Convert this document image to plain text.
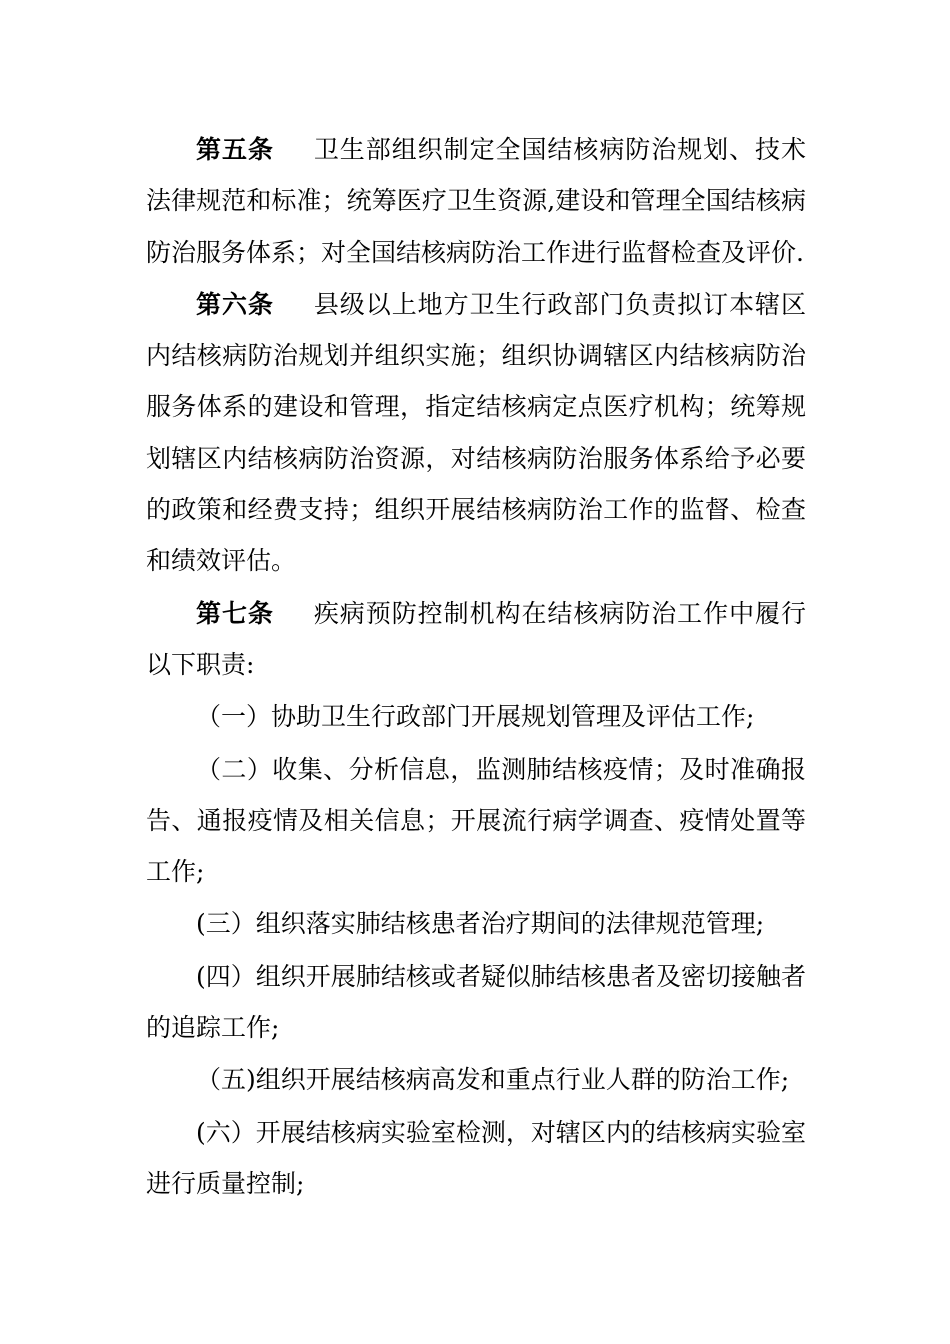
第五条 卫生部组织制定全国结核病防治规划、技术法律规范和标准；统筹医疗卫生资源,建设和管理全国结核病防治服务体系；对全国结核病防治工作进行监督检查及评价.

第六条 县级以上地方卫生行政部门负责拟订本辖区内结核病防治规划并组织实施；组织协调辖区内结核病防治服务体系的建设和管理，指定结核病定点医疗机构；统筹规划辖区内结核病防治资源，对结核病防治服务体系给予必要的政策和经费支持；组织开展结核病防治工作的监督、检查和绩效评估。

第七条 疾病预防控制机构在结核病防治工作中履行以下职责:

（一）协助卫生行政部门开展规划管理及评估工作;

（二）收集、分析信息，监测肺结核疫情；及时准确报告、通报疫情及相关信息；开展流行病学调查、疫情处置等工作;

(三）组织落实肺结核患者治疗期间的法律规范管理;

(四）组织开展肺结核或者疑似肺结核患者及密切接触者的追踪工作;

（五)组织开展结核病高发和重点行业人群的防治工作;

(六）开展结核病实验室检测，对辖区内的结核病实验室进行质量控制;
